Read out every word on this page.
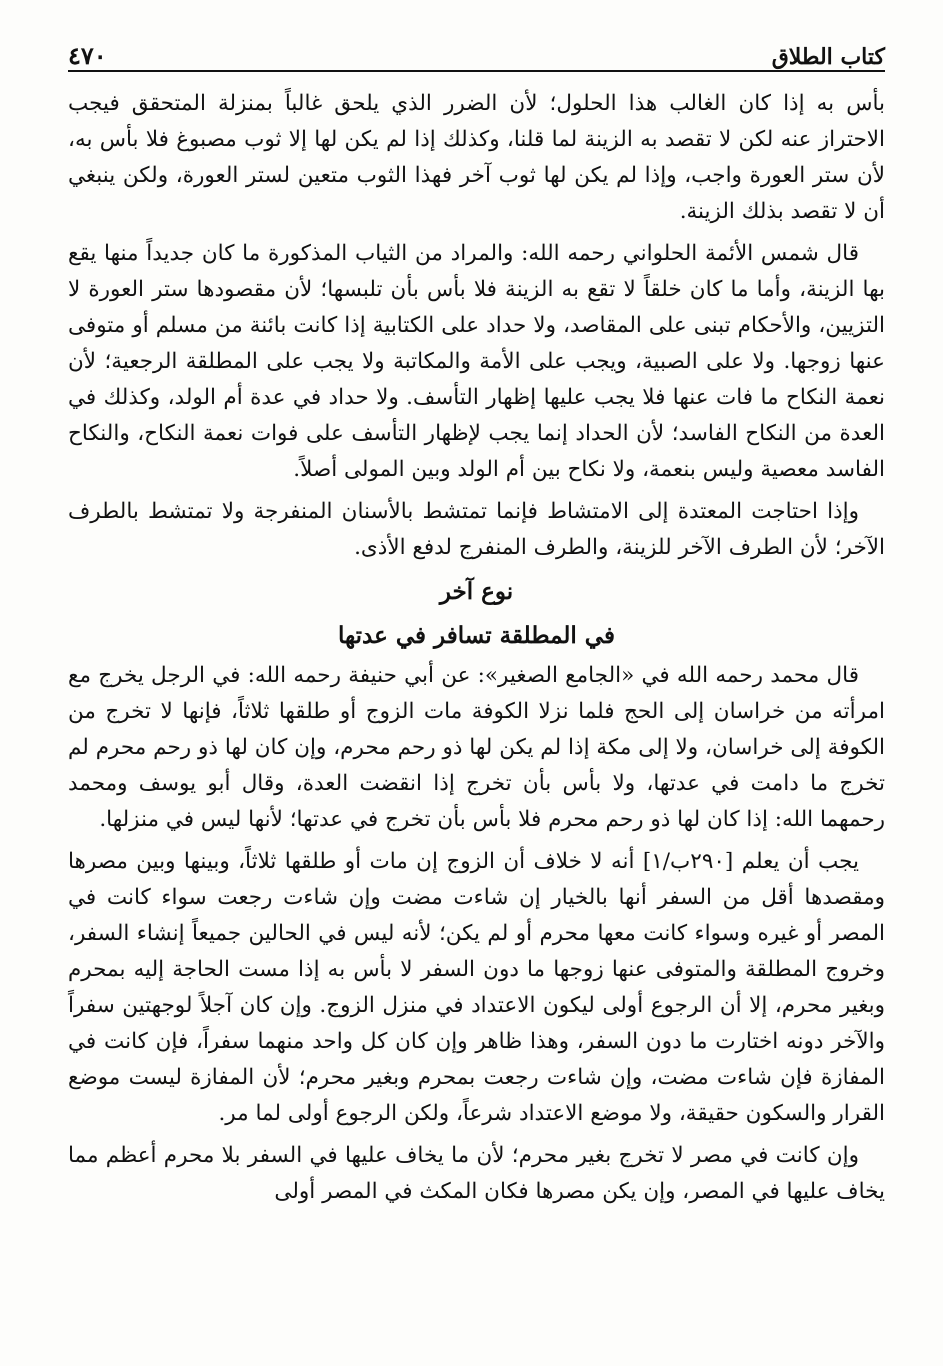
٤٧٠	كتاب الطلاق

بأس به إذا كان الغالب هذا الحلول؛ لأن الضرر الذي يلحق غالباً بمنزلة المتحقق فيجب الاحتراز عنه لكن لا تقصد به الزينة لما قلنا، وكذلك إذا لم يكن لها إلا ثوب مصبوغ فلا بأس به، لأن ستر العورة واجب، وإذا لم يكن لها ثوب آخر فهذا الثوب متعين لستر العورة، ولكن ينبغي أن لا تقصد بذلك الزينة.

قال شمس الأئمة الحلواني رحمه الله: والمراد من الثياب المذكورة ما كان جديداً منها يقع بها الزينة، وأما ما كان خلقاً لا تقع به الزينة فلا بأس بأن تلبسها؛ لأن مقصودها ستر العورة لا التزيين، والأحكام تبنى على المقاصد، ولا حداد على الكتابية إذا كانت بائنة من مسلم أو متوفى عنها زوجها. ولا على الصبية، ويجب على الأمة والمكاتبة ولا يجب على المطلقة الرجعية؛ لأن نعمة النكاح ما فات عنها فلا يجب عليها إظهار التأسف. ولا حداد في عدة أم الولد، وكذلك في العدة من النكاح الفاسد؛ لأن الحداد إنما يجب لإظهار التأسف على فوات نعمة النكاح، والنكاح الفاسد معصية وليس بنعمة، ولا نكاح بين أم الولد وبين المولى أصلاً.

وإذا احتاجت المعتدة إلى الامتشاط فإنما تمتشط بالأسنان المنفرجة ولا تمتشط بالطرف الآخر؛ لأن الطرف الآخر للزينة، والطرف المنفرج لدفع الأذى.

نوع آخر
في المطلقة تسافر في عدتها

قال محمد رحمه الله في «الجامع الصغير»: عن أبي حنيفة رحمه الله: في الرجل يخرج مع امرأته من خراسان إلى الحج فلما نزلا الكوفة مات الزوج أو طلقها ثلاثاً، فإنها لا تخرج من الكوفة إلى خراسان، ولا إلى مكة إذا لم يكن لها ذو رحم محرم، وإن كان لها ذو رحم محرم لم تخرج ما دامت في عدتها، ولا بأس بأن تخرج إذا انقضت العدة، وقال أبو يوسف ومحمد رحمهما الله: إذا كان لها ذو رحم محرم فلا بأس بأن تخرج في عدتها؛ لأنها ليس في منزلها.

يجب أن يعلم [٢٩٠ب/١] أنه لا خلاف أن الزوج إن مات أو طلقها ثلاثاً، وبينها وبين مصرها ومقصدها أقل من السفر أنها بالخيار إن شاءت مضت وإن شاءت رجعت سواء كانت في المصر أو غيره وسواء كانت معها محرم أو لم يكن؛ لأنه ليس في الحالين جميعاً إنشاء السفر، وخروج المطلقة والمتوفى عنها زوجها ما دون السفر لا بأس به إذا مست الحاجة إليه بمحرم وبغير محرم، إلا أن الرجوع أولى ليكون الاعتداد في منزل الزوج. وإن كان آجلاً لوجهتين سفراً والآخر دونه اختارت ما دون السفر، وهذا ظاهر وإن كان كل واحد منهما سفراً، فإن كانت في المفازة فإن شاءت مضت، وإن شاءت رجعت بمحرم وبغير محرم؛ لأن المفازة ليست موضع القرار والسكون حقيقة، ولا موضع الاعتداد شرعاً، ولكن الرجوع أولى لما مر.

وإن كانت في مصر لا تخرج بغير محرم؛ لأن ما يخاف عليها في السفر بلا محرم أعظم مما يخاف عليها في المصر، وإن يكن مصرها فكان المكث في المصر أولى
